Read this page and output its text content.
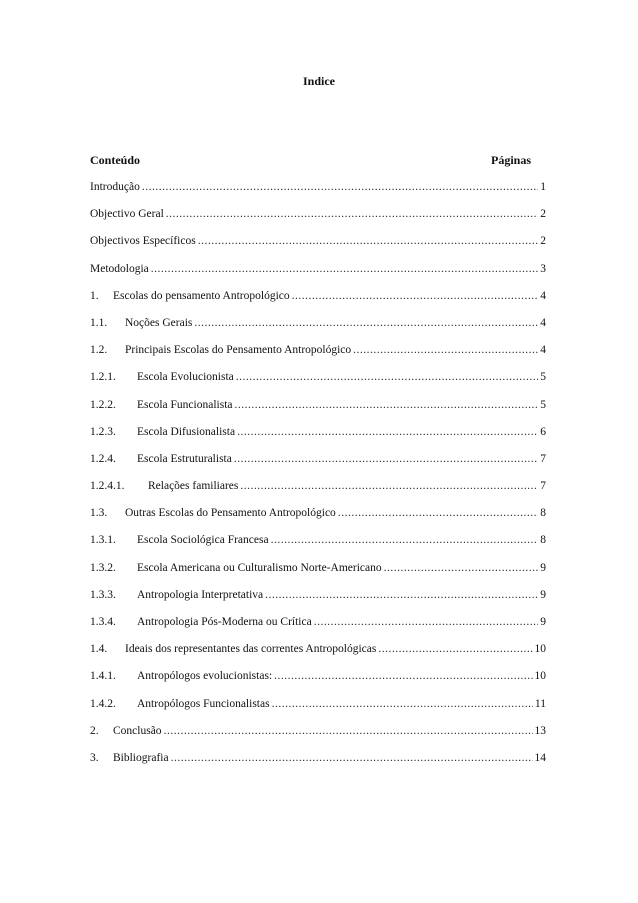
Indice
Conteúdo	Páginas
Introdução .....	1
Objectivo Geral .....	2
Objectivos Específicos .....	2
Metodologia .....	3
1.	Escolas do pensamento Antropológico .....	4
1.1.	Noções Gerais .....	4
1.2.	Principais Escolas do Pensamento Antropológico .....	4
1.2.1.	Escola Evolucionista .....	5
1.2.2.	Escola Funcionalista .....	5
1.2.3.	Escola Difusionalista .....	6
1.2.4.	Escola Estruturalista .....	7
1.2.4.1.	Relações familiares .....	7
1.3.	Outras Escolas do Pensamento Antropológico .....	8
1.3.1.	Escola Sociológica Francesa .....	8
1.3.2.	Escola Americana ou Culturalismo Norte-Americano .....	9
1.3.3.	Antropologia Interpretativa .....	9
1.3.4.	Antropologia Pós-Moderna ou Crítica .....	9
1.4.	Ideais dos representantes das correntes Antropológicas .....	10
1.4.1.	Antropólogos evolucionistas: .....	10
1.4.2.	Antropólogos Funcionalistas .....	11
2.	Conclusão .....	13
3.	Bibliografia .....	14
